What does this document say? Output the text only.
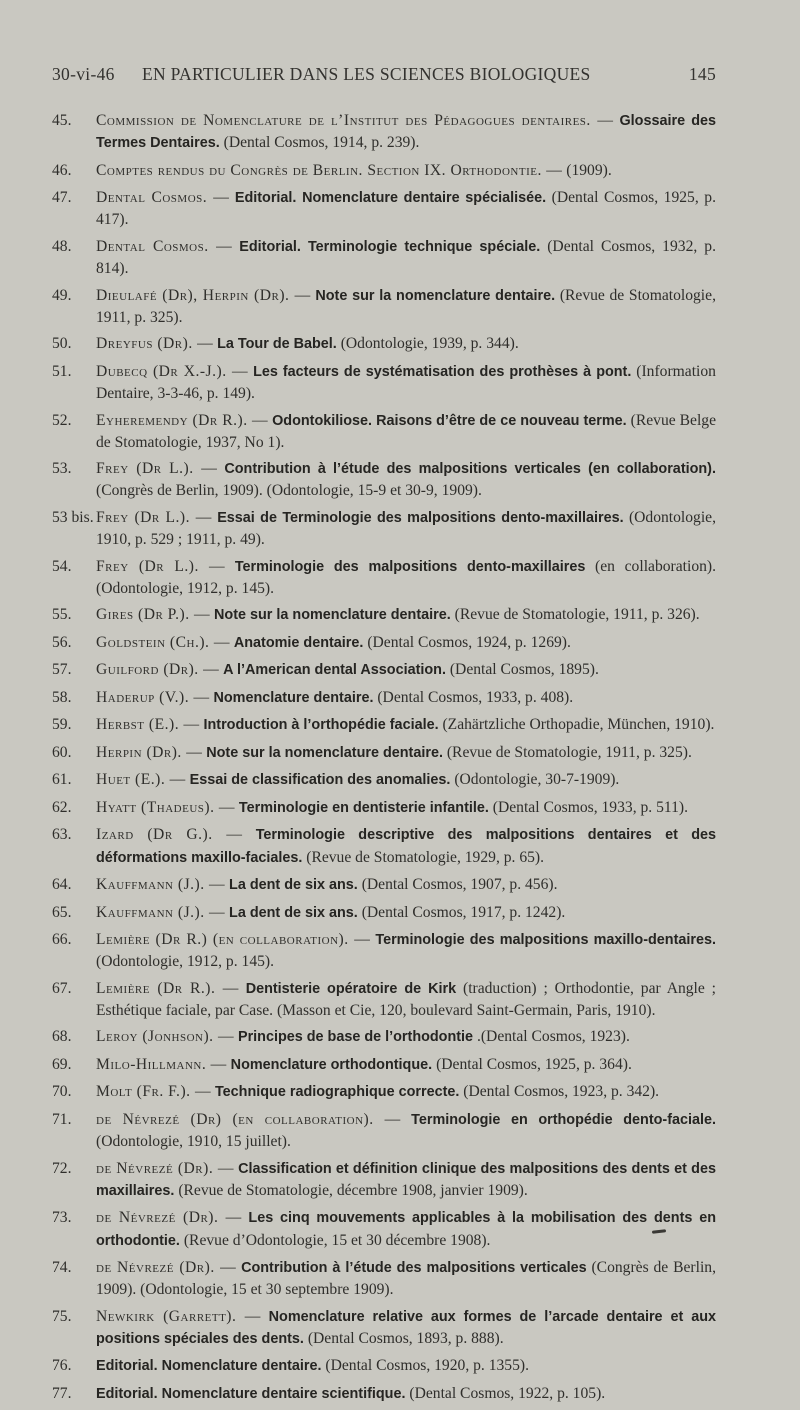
30-vi-46 EN PARTICULIER DANS LES SCIENCES BIOLOGIQUES	145
45. Commission de Nomenclature de l’Institut des Pédagogues dentaires. — Glossaire des Termes Dentaires. (Dental Cosmos, 1914, p. 239).
46. Comptes rendus du Congrès de Berlin. Section IX. Orthodontie. — (1909).
47. Dental Cosmos. — Editorial. Nomenclature dentaire spécialisée. (Dental Cosmos, 1925, p. 417).
48. Dental Cosmos. — Editorial. Terminologie technique spéciale. (Dental Cosmos, 1932, p. 814).
49. Dieulafé (Dr), Herpin (Dr). — Note sur la nomenclature dentaire. (Revue de Stomatologie, 1911, p. 325).
50. Dreyfus (Dr). — La Tour de Babel. (Odontologie, 1939, p. 344).
51. Dubecq (Dr X.-J.). — Les facteurs de systématisation des prothèses à pont. (Information Dentaire, 3-3-46, p. 149).
52. Eyheremendy (Dr R.). — Odontokiliose. Raisons d’être de ce nouveau terme. (Revue Belge de Stomatologie, 1937, No 1).
53. Frey (Dr L.). — Contribution à l’étude des malpositions verticales (en collaboration). (Congrès de Berlin, 1909). (Odontologie, 15-9 et 30-9, 1909).
53 bis. Frey (Dr L.). — Essai de Terminologie des malpositions dento-maxillaires. (Odontologie, 1910, p. 529 ; 1911, p. 49).
54. Frey (Dr L.). — Terminologie des malpositions dento-maxillaires (en collaboration). (Odontologie, 1912, p. 145).
55. Gires (Dr P.). — Note sur la nomenclature dentaire. (Revue de Stomatologie, 1911, p. 326).
56. Goldstein (Ch.). — Anatomie dentaire. (Dental Cosmos, 1924, p. 1269).
57. Guilford (Dr). — A l’American dental Association. (Dental Cosmos, 1895).
58. Haderup (V.). — Nomenclature dentaire. (Dental Cosmos, 1933, p. 408).
59. Herbst (E.). — Introduction à l’orthopédie faciale. (Zahärtzliche Orthopadie, München, 1910).
60. Herpin (Dr). — Note sur la nomenclature dentaire. (Revue de Stomatologie, 1911, p. 325).
61. Huet (E.). — Essai de classification des anomalies. (Odontologie, 30-7-1909).
62. Hyatt (Thadeus). — Terminologie en dentisterie infantile. (Dental Cosmos, 1933, p. 511).
63. Izard (Dr G.). — Terminologie descriptive des malpositions dentaires et des déformations maxillo-faciales. (Revue de Stomatologie, 1929, p. 65).
64. Kauffmann (J.). — La dent de six ans. (Dental Cosmos, 1907, p. 456).
65. Kauffmann (J.). — La dent de six ans. (Dental Cosmos, 1917, p. 1242).
66. Lemière (Dr R.) (en collaboration). — Terminologie des malpositions maxillo-dentaires. (Odontologie, 1912, p. 145).
67. Lemière (Dr R.). — Dentisterie opératoire de Kirk (traduction) ; Orthodontie, par Angle ; Esthétique faciale, par Case. (Masson et Cie, 120, boulevard Saint-Germain, Paris, 1910).
68. Leroy (Jonhson). — Principes de base de l’orthodontie .(Dental Cosmos, 1923).
69. Milo-Hillmann. — Nomenclature orthodontique. (Dental Cosmos, 1925, p. 364).
70. Molt (Fr. F.). — Technique radiographique correcte. (Dental Cosmos, 1923, p. 342).
71. de Névrezé (Dr) (en collaboration). — Terminologie en orthopédie dento-faciale. (Odontologie, 1910, 15 juillet).
72. de Névrezé (Dr). — Classification et définition clinique des malpositions des dents et des maxillaires. (Revue de Stomatologie, décembre 1908, janvier 1909).
73. de Névrezé (Dr). — Les cinq mouvements applicables à la mobilisation des dents en orthodontie. (Revue d’Odontologie, 15 et 30 décembre 1908).
74. de Névrezé (Dr). — Contribution à l’étude des malpositions verticales (Congrès de Berlin, 1909). (Odontologie, 15 et 30 septembre 1909).
75. Newkirk (Garrett). — Nomenclature relative aux formes de l’arcade dentaire et aux positions spéciales des dents. (Dental Cosmos, 1893, p. 888).
76. Editorial. Nomenclature dentaire. (Dental Cosmos, 1920, p. 1355).
77. Editorial. Nomenclature dentaire scientifique. (Dental Cosmos, 1922, p. 105).
